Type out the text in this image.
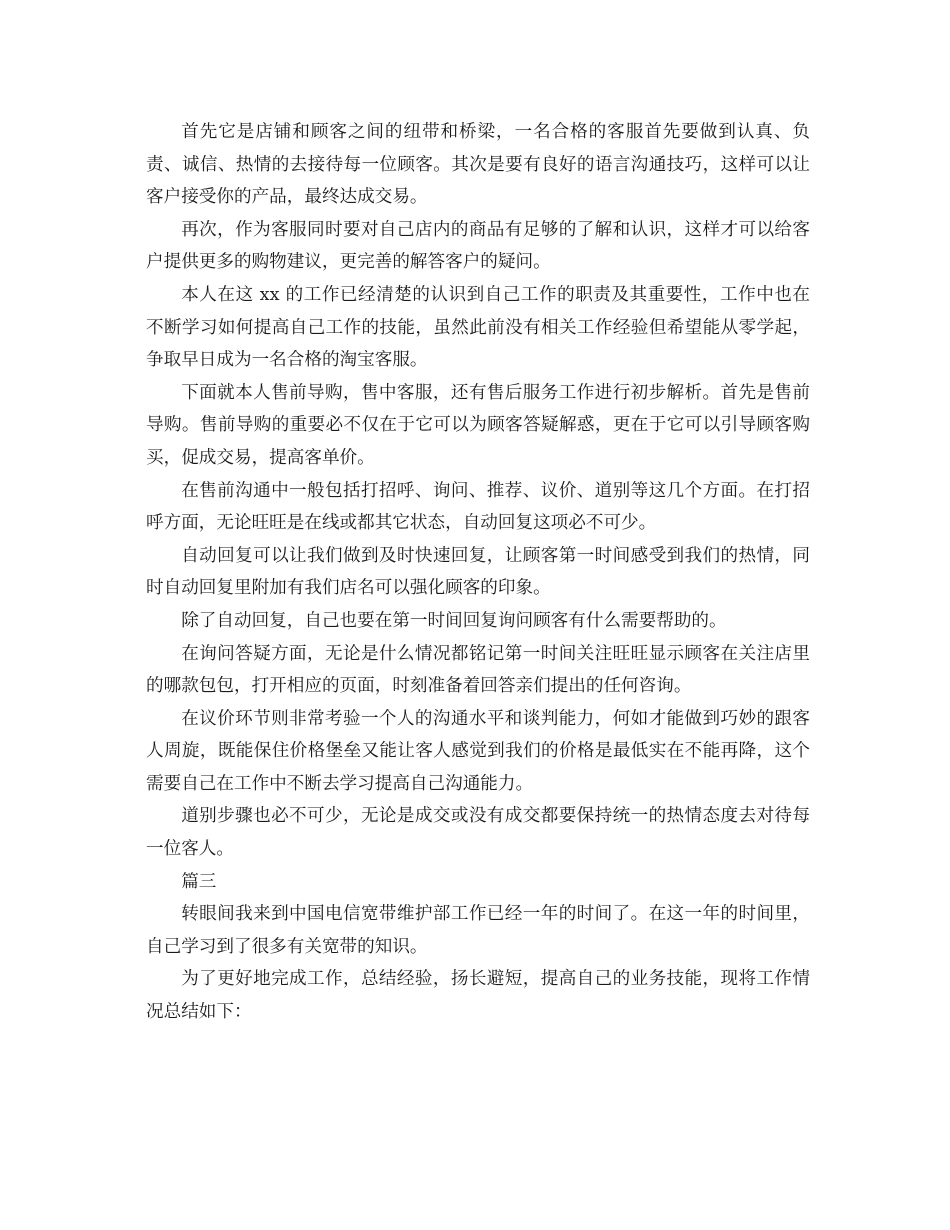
首先它是店铺和顾客之间的纽带和桥梁，一名合格的客服首先要做到认真、负责、诚信、热情的去接待每一位顾客。其次是要有良好的语言沟通技巧，这样可以让客户接受你的产品，最终达成交易。

再次，作为客服同时要对自己店内的商品有足够的了解和认识，这样才可以给客户提供更多的购物建议，更完善的解答客户的疑问。

本人在这 xx 的工作已经清楚的认识到自己工作的职责及其重要性，工作中也在不断学习如何提高自己工作的技能，虽然此前没有相关工作经验但希望能从零学起，争取早日成为一名合格的淘宝客服。

下面就本人售前导购，售中客服，还有售后服务工作进行初步解析。首先是售前导购。售前导购的重要必不仅在于它可以为顾客答疑解惑，更在于它可以引导顾客购买，促成交易，提高客单价。

在售前沟通中一般包括打招呼、询问、推荐、议价、道别等这几个方面。在打招呼方面，无论旺旺是在线或都其它状态，自动回复这项必不可少。

自动回复可以让我们做到及时快速回复，让顾客第一时间感受到我们的热情，同时自动回复里附加有我们店名可以强化顾客的印象。

除了自动回复，自己也要在第一时间回复询问顾客有什么需要帮助的。

在询问答疑方面，无论是什么情况都铭记第一时间关注旺旺显示顾客在关注店里的哪款包包，打开相应的页面，时刻准备着回答亲们提出的任何咨询。

在议价环节则非常考验一个人的沟通水平和谈判能力，何如才能做到巧妙的跟客人周旋，既能保住价格堡垒又能让客人感觉到我们的价格是最低实在不能再降，这个需要自己在工作中不断去学习提高自己沟通能力。

道别步骤也必不可少，无论是成交或没有成交都要保持统一的热情态度去对待每一位客人。

篇三

转眼间我来到中国电信宽带维护部工作已经一年的时间了。在这一年的时间里，自己学习到了很多有关宽带的知识。

为了更好地完成工作，总结经验，扬长避短，提高自己的业务技能，现将工作情况总结如下：
